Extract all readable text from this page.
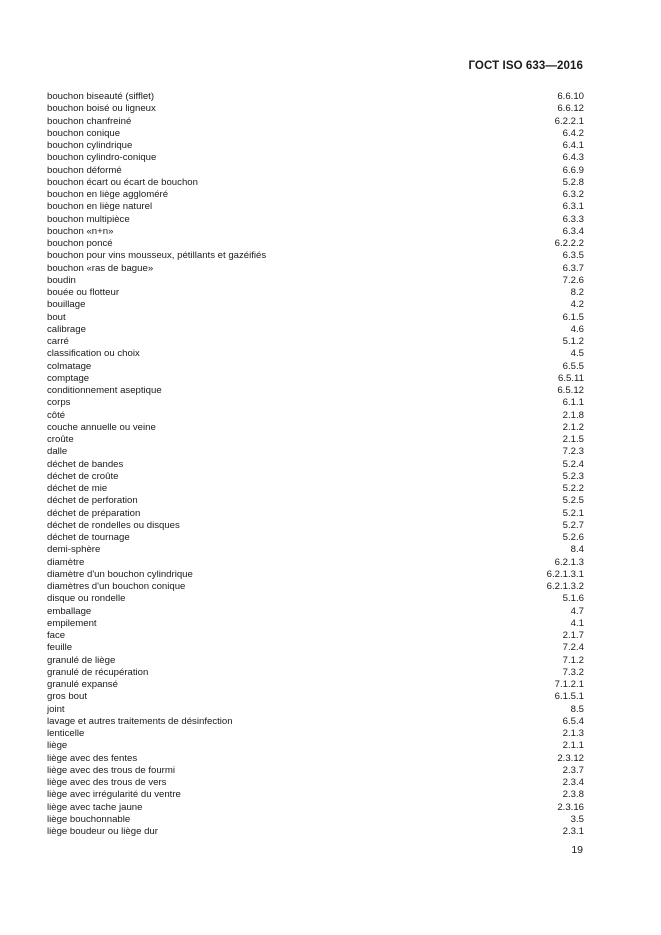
ГОСТ ISO 633—2016
bouchon biseauté (sifflet)	6.6.10
bouchon boisé ou ligneux	6.6.12
bouchon chanfreiné	6.2.2.1
bouchon conique	6.4.2
bouchon cylindrique	6.4.1
bouchon cylindro-conique	6.4.3
bouchon déformé	6.6.9
bouchon écart ou écart de bouchon	5.2.8
bouchon en liège aggloméré	6.3.2
bouchon en liège naturel	6.3.1
bouchon multipièce	6.3.3
bouchon «n+n»	6.3.4
bouchon poncé	6.2.2.2
bouchon pour vins mousseux, pétillants et gazéifiés	6.3.5
bouchon «ras de bague»	6.3.7
boudin	7.2.6
bouée ou flotteur	8.2
bouillage	4.2
bout	6.1.5
calibrage	4.6
carré	5.1.2
classification ou choix	4.5
colmatage	6.5.5
comptage	6.5.11
conditionnement aseptique	6.5.12
corps	6.1.1
côté	2.1.8
couche annuelle ou veine	2.1.2
croûte	2.1.5
dalle	7.2.3
déchet de bandes	5.2.4
déchet de croûte	5.2.3
déchet de mie	5.2.2
déchet de perforation	5.2.5
déchet de préparation	5.2.1
déchet de rondelles ou disques	5.2.7
déchet de tournage	5.2.6
demi-sphère	8.4
diamètre	6.2.1.3
diamètre d'un bouchon cylindrique	6.2.1.3.1
diamètres d'un bouchon conique	6.2.1.3.2
disque ou rondelle	5.1.6
emballage	4.7
empilement	4.1
face	2.1.7
feuille	7.2.4
granulé de liège	7.1.2
granulé de récupération	7.3.2
granulé expansé	7.1.2.1
gros bout	6.1.5.1
joint	8.5
lavage et autres traitements de désinfection	6.5.4
lenticelle	2.1.3
liège	2.1.1
liège avec des fentes	2.3.12
liège avec des trous de fourmi	2.3.7
liège avec des trous de vers	2.3.4
liège avec irrégularité du ventre	2.3.8
liège avec tache jaune	2.3.16
liège bouchonnable	3.5
liège boudeur ou liège dur	2.3.1
19
